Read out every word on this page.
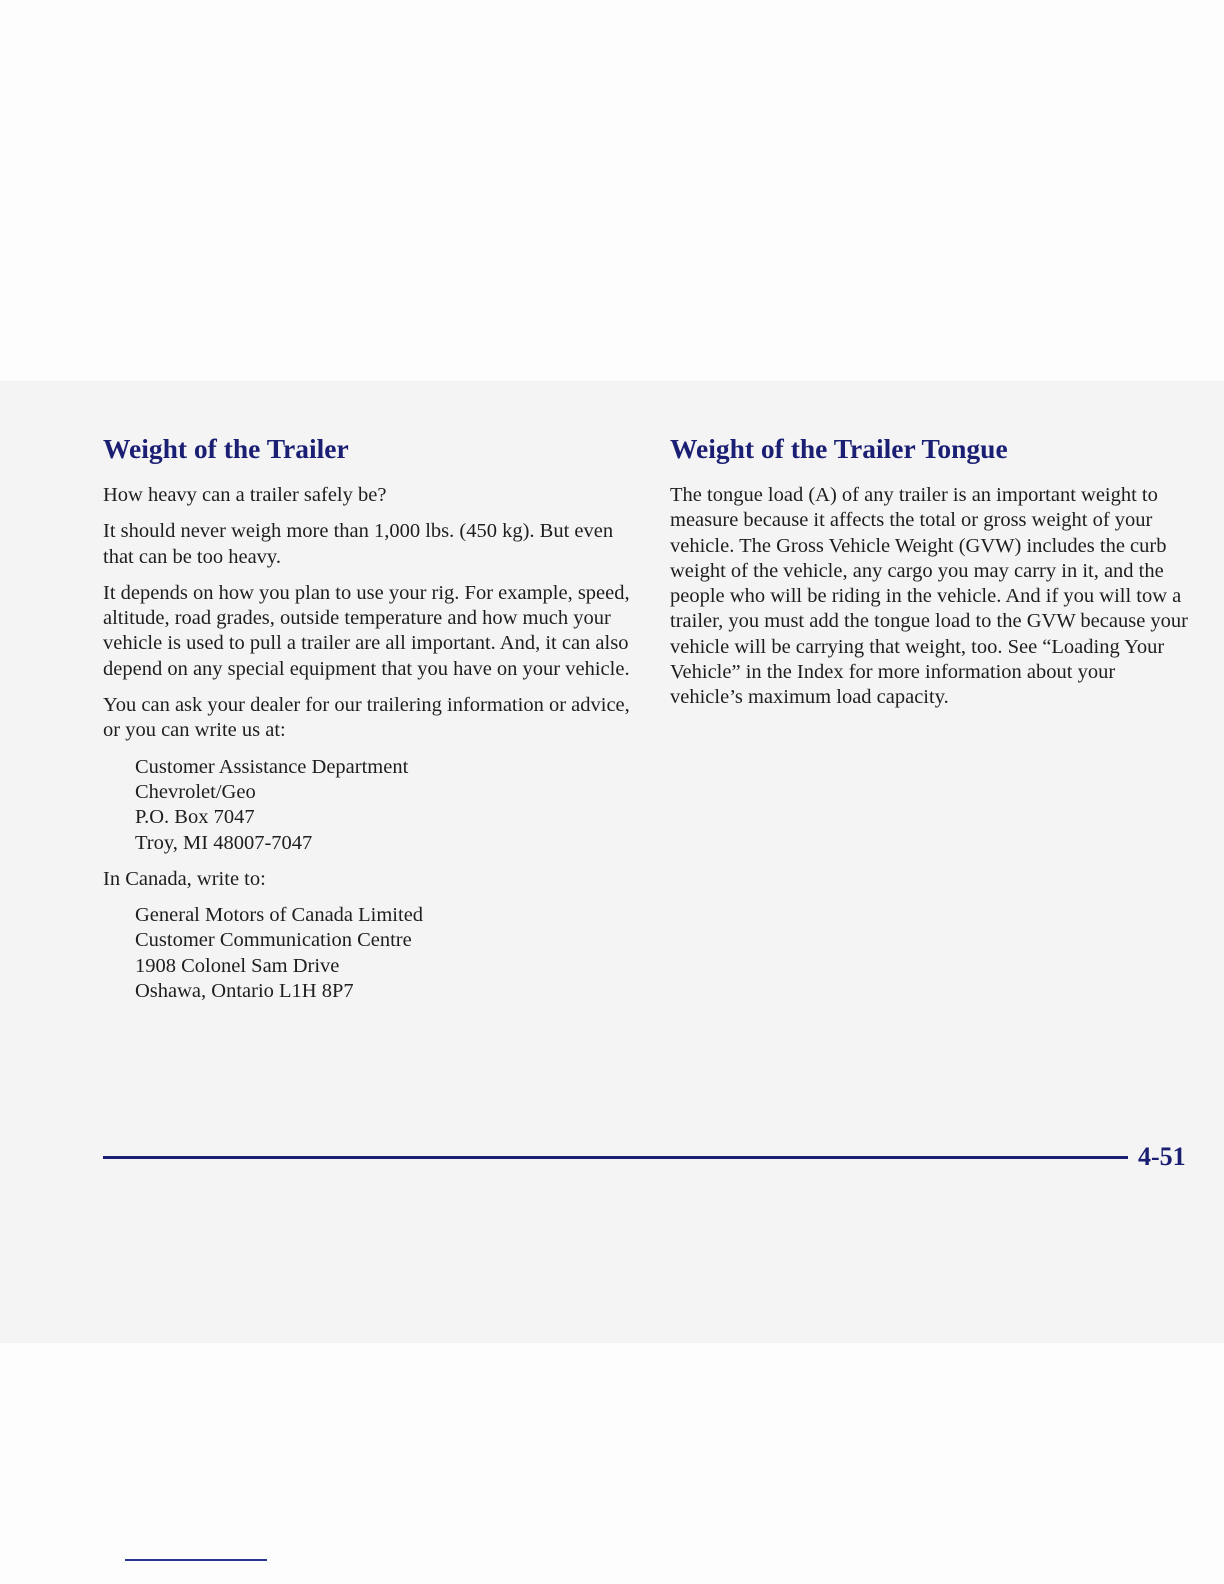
Weight of the Trailer

How heavy can a trailer safely be?

It should never weigh more than 1,000 lbs. (450 kg). But even that can be too heavy.

It depends on how you plan to use your rig. For example, speed, altitude, road grades, outside temperature and how much your vehicle is used to pull a trailer are all important. And, it can also depend on any special equipment that you have on your vehicle.

You can ask your dealer for our trailering information or advice, or you can write us at:

Customer Assistance Department
Chevrolet/Geo
P.O. Box 7047
Troy, MI 48007-7047

In Canada, write to:

General Motors of Canada Limited
Customer Communication Centre
1908 Colonel Sam Drive
Oshawa, Ontario L1H 8P7
Weight of the Trailer Tongue

The tongue load (A) of any trailer is an important weight to measure because it affects the total or gross weight of your vehicle. The Gross Vehicle Weight (GVW) includes the curb weight of the vehicle, any cargo you may carry in it, and the people who will be riding in the vehicle. And if you will tow a trailer, you must add the tongue load to the GVW because your vehicle will be carrying that weight, too. See “Loading Your Vehicle” in the Index for more information about your vehicle’s maximum load capacity.

4-51
